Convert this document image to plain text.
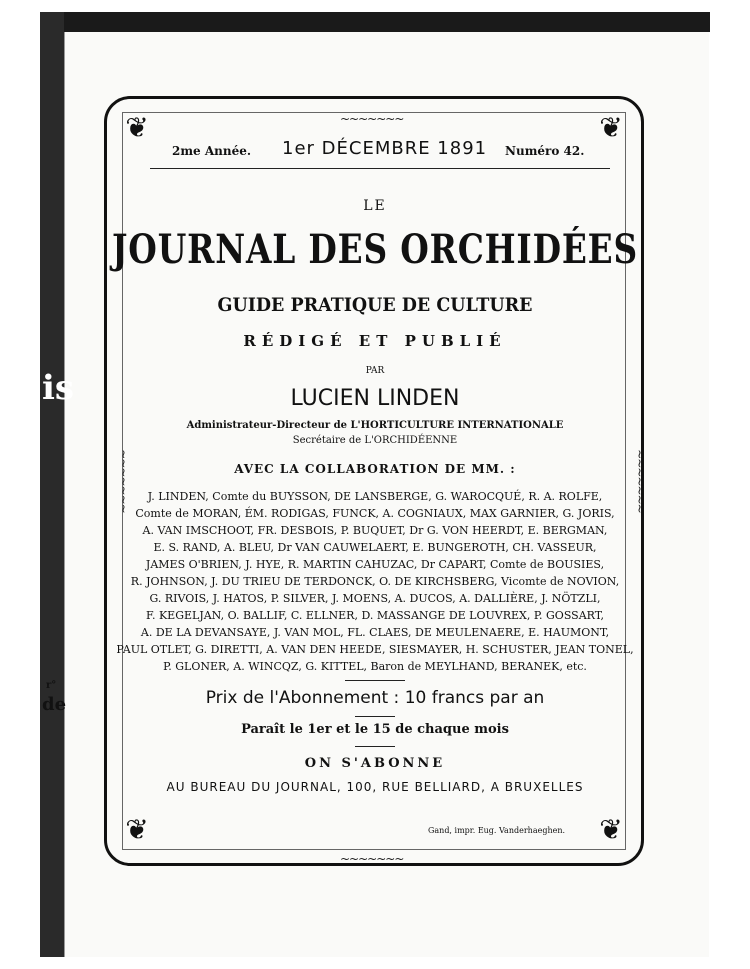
is
r°
de
❦	❦
❦	❦
~~~~~~~
~~~~~~~
~~~~~~~	~~~~~~~
2me Année. 1er DÉCEMBRE 1891 Numéro 42.
LE
JOURNAL DES ORCHIDÉES
GUIDE PRATIQUE DE CULTURE
RÉDIGÉ ET PUBLIÉ
PAR
LUCIEN LINDEN
Administrateur-Directeur de L'HORTICULTURE INTERNATIONALE
Secrétaire de L'ORCHIDÉENNE
AVEC LA COLLABORATION DE MM. :
J. LINDEN, Comte du BUYSSON, DE LANSBERGE, G. WAROCQUÉ, R. A. ROLFE,
Comte de MORAN, ÉM. RODIGAS, FUNCK, A. COGNIAUX, MAX GARNIER, G. JORIS,
A. VAN IMSCHOOT, FR. DESBOIS, P. BUQUET, Dr G. VON HEERDT, E. BERGMAN,
E. S. RAND, A. BLEU, Dr VAN CAUWELAERT, E. BUNGEROTH, CH. VASSEUR,
JAMES O'BRIEN, J. HYE, R. MARTIN CAHUZAC, Dr CAPART, Comte de BOUSIES,
R. JOHNSON, J. DU TRIEU DE TERDONCK, O. DE KIRCHSBERG, Vicomte de NOVION,
G. RIVOIS, J. HATOS, P. SILVER, J. MOENS, A. DUCOS, A. DALLIÈRE, J. NÖTZLI,
F. KEGELJAN, O. BALLIF, C. ELLNER, D. MASSANGE DE LOUVREX, P. GOSSART,
A. DE LA DEVANSAYE, J. VAN MOL, FL. CLAES, DE MEULENAERE, E. HAUMONT,
PAUL OTLET, G. DIRETTI, A. VAN DEN HEEDE, SIESMAYER, H. SCHUSTER, JEAN TONEL,
P. GLONER, A. WINCQZ, G. KITTEL, Baron de MEYLHAND, BERANEK, etc.
Prix de l'Abonnement : 10 francs par an
Paraît le 1er et le 15 de chaque mois
ON S'ABONNE
AU BUREAU DU JOURNAL, 100, RUE BELLIARD, A BRUXELLES
Gand, impr. Eug. Vanderhaeghen.
